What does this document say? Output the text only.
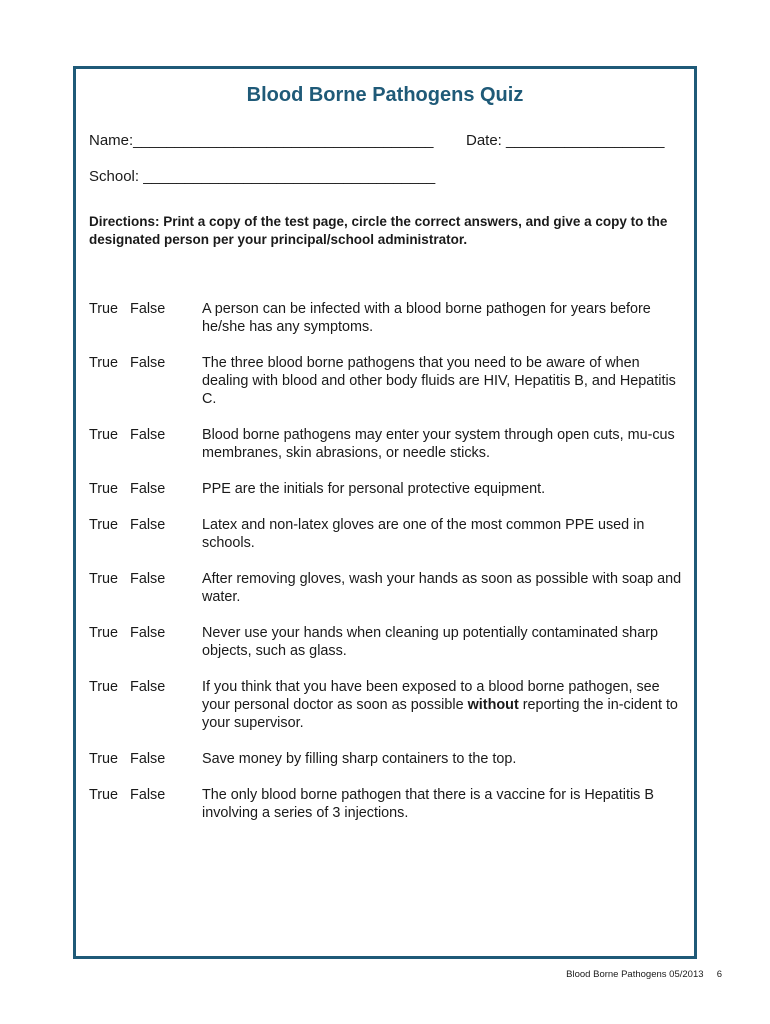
Blood Borne Pathogens Quiz
Name:____________________________________ Date: ___________________
School: ___________________________________
Directions: Print a copy of the test page, circle the correct answers, and give a copy to the designated person per your principal/school administrator.
True   False	A person can be infected with a blood borne pathogen for years before he/she has any symptoms.
True   False	The three blood borne pathogens that you need to be aware of when dealing with blood and other body fluids are HIV, Hepatitis B, and Hepatitis C.
True   False	Blood borne pathogens may enter your system through open cuts, mu-cus membranes, skin abrasions, or needle sticks.
True   False	PPE are the initials for personal protective equipment.
True   False	Latex and non-latex gloves are one of the most common PPE used in schools.
True   False	After removing gloves, wash your hands as soon as possible with soap and water.
True   False	Never use your hands when cleaning up potentially contaminated sharp objects, such as glass.
True   False	If you think that you have been exposed to a blood borne pathogen, see your personal doctor as soon as possible without reporting the in-cident to your supervisor.
True   False	Save money by filling sharp containers to the top.
True   False	The only blood borne pathogen that there is a vaccine for is Hepatitis B involving a series of 3 injections.
Blood Borne Pathogens 05/2013     6
